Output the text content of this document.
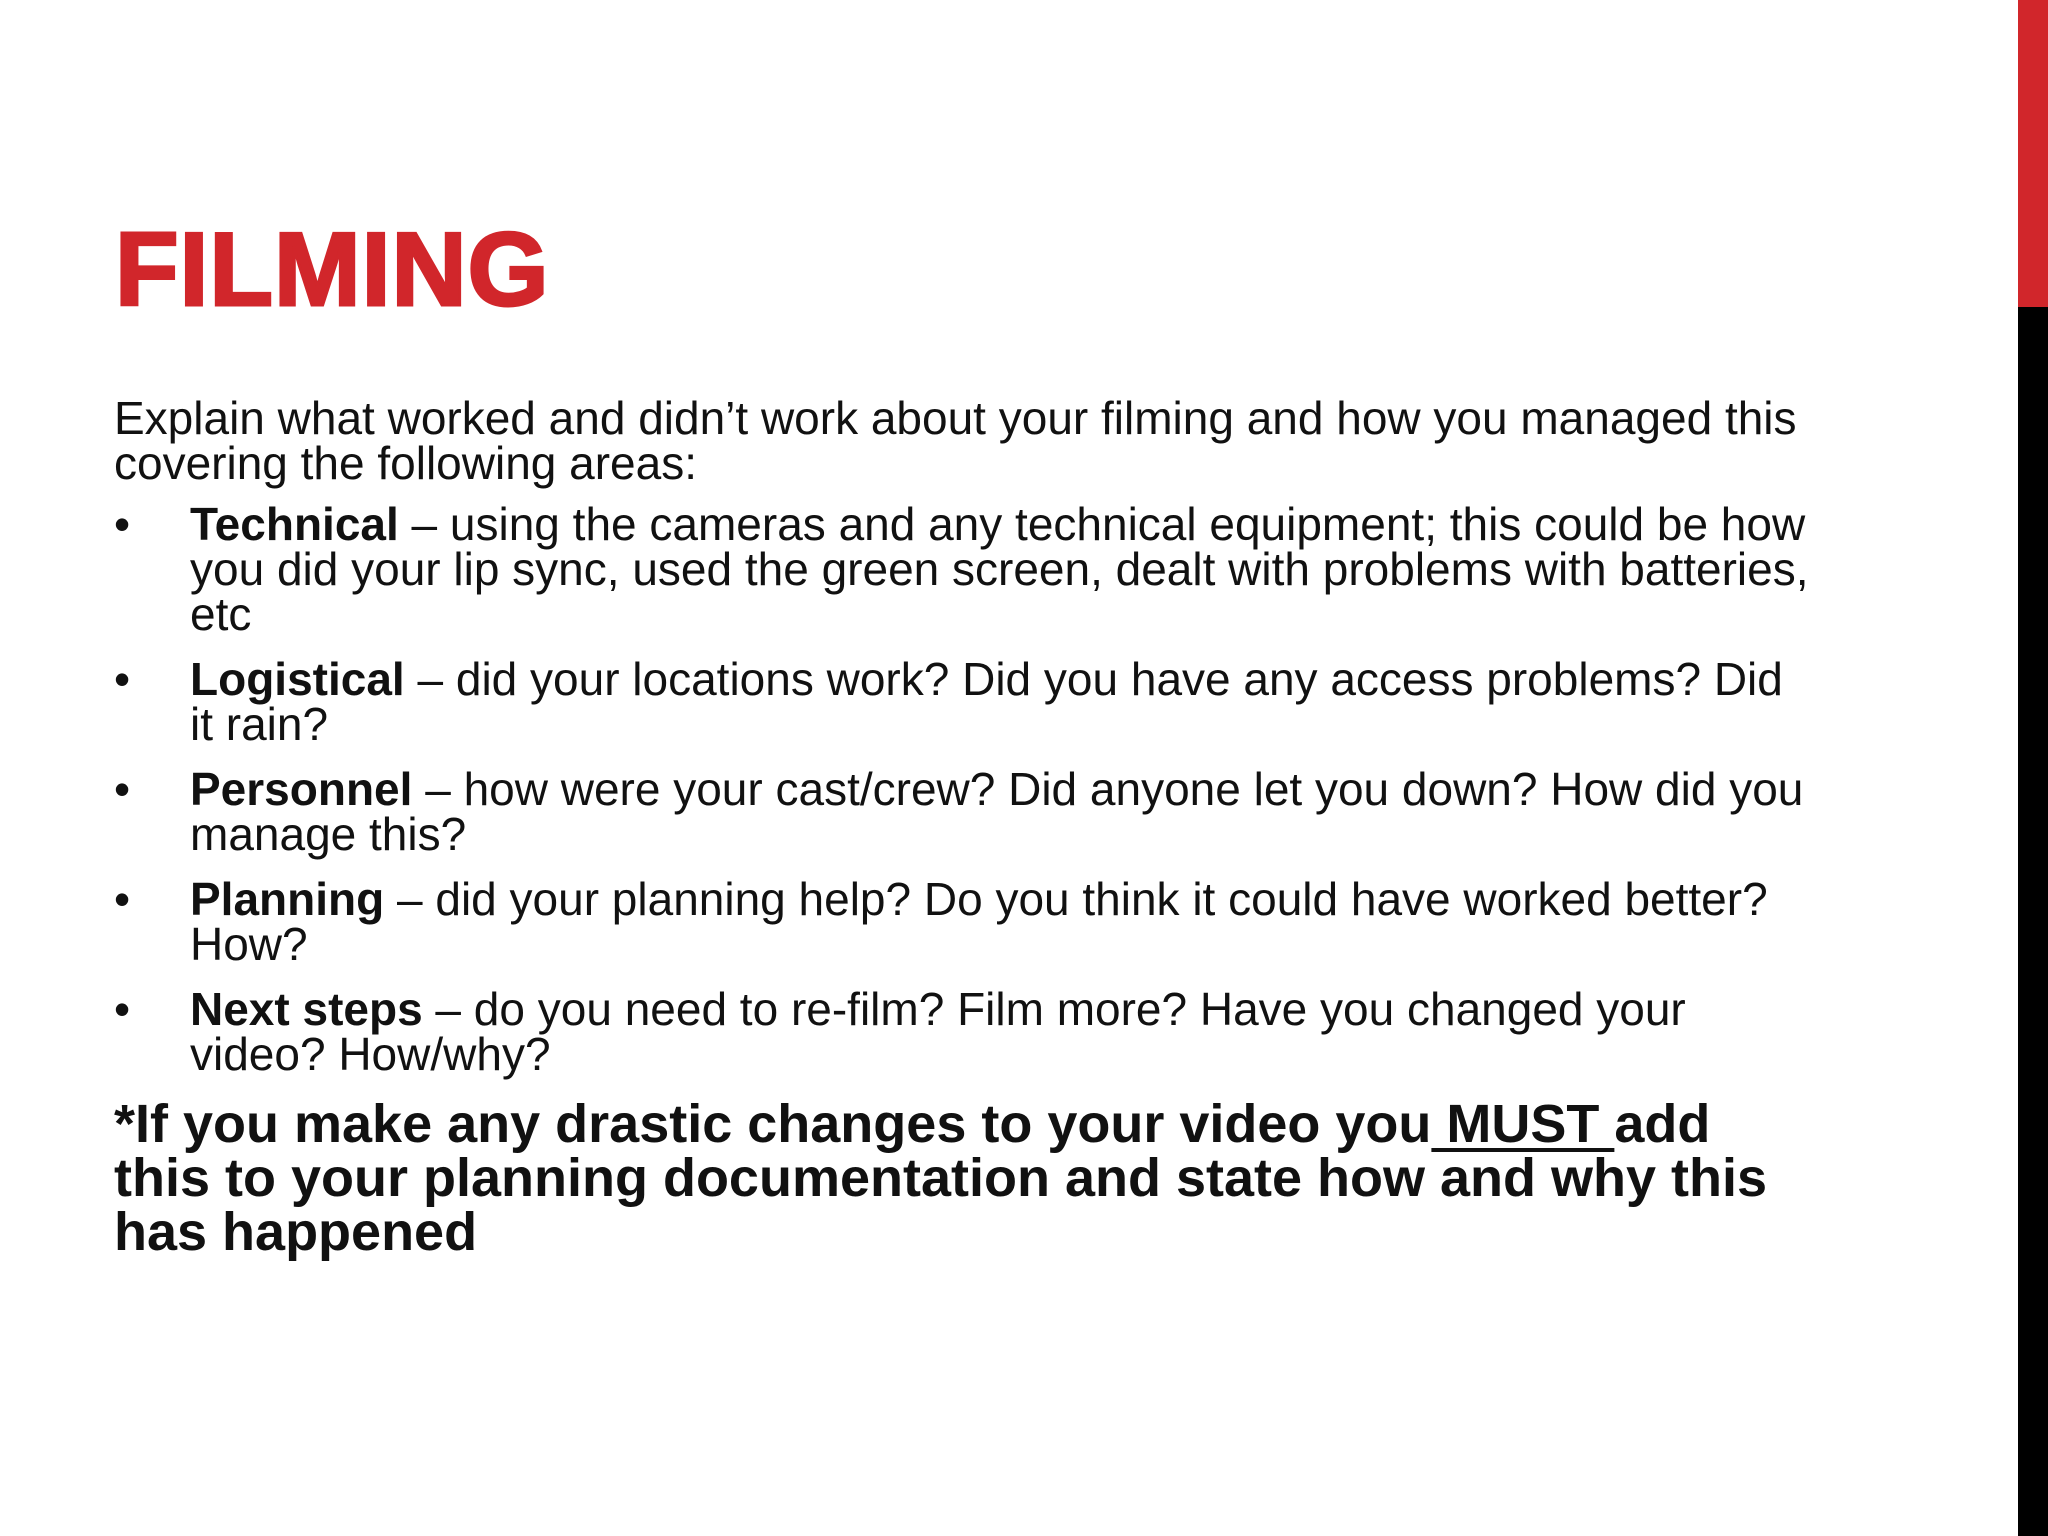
FILMING

Explain what worked and didn’t work about your filming and how you managed this covering the following areas:

• Technical – using the cameras and any technical equipment; this could be how you did your lip sync, used the green screen, dealt with problems with batteries, etc
• Logistical – did your locations work? Did you have any access problems? Did it rain?
• Personnel – how were your cast/crew? Did anyone let you down? How did you manage this?
• Planning – did your planning help? Do you think it could have worked better? How?
• Next steps – do you need to re-film? Film more? Have you changed your video? How/why?

*If you make any drastic changes to your video you MUST add this to your planning documentation and state how and why this has happened
